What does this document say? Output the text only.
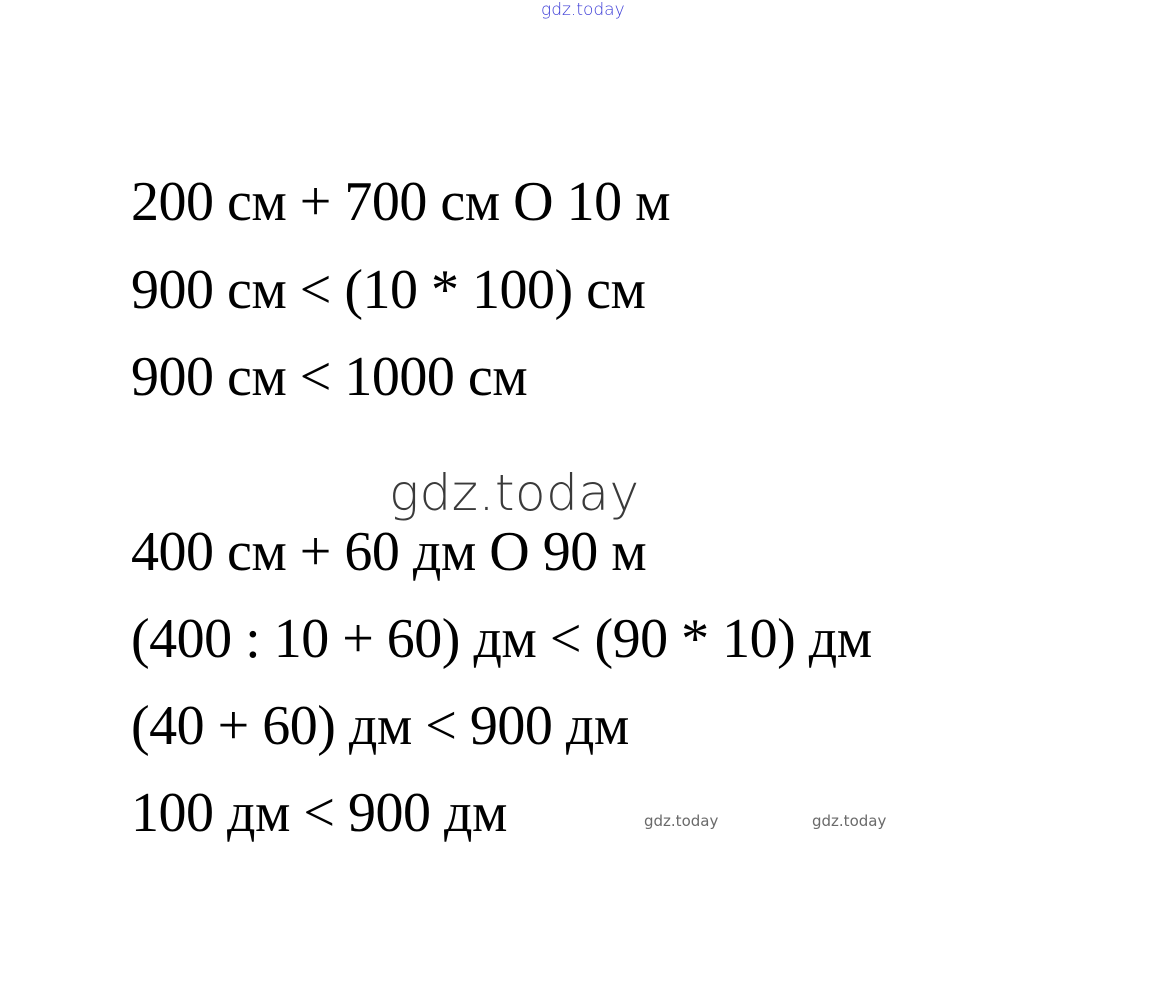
gdz.today
200 см + 700 см О 10 м
900 см < (10 * 100) см
900 см < 1000 см
gdz.today
400 см + 60 дм О 90 м
(400 : 10 + 60) дм < (90 * 10) дм
(40 + 60) дм < 900 дм
100 дм < 900 дм	gdz.today	gdz.today
